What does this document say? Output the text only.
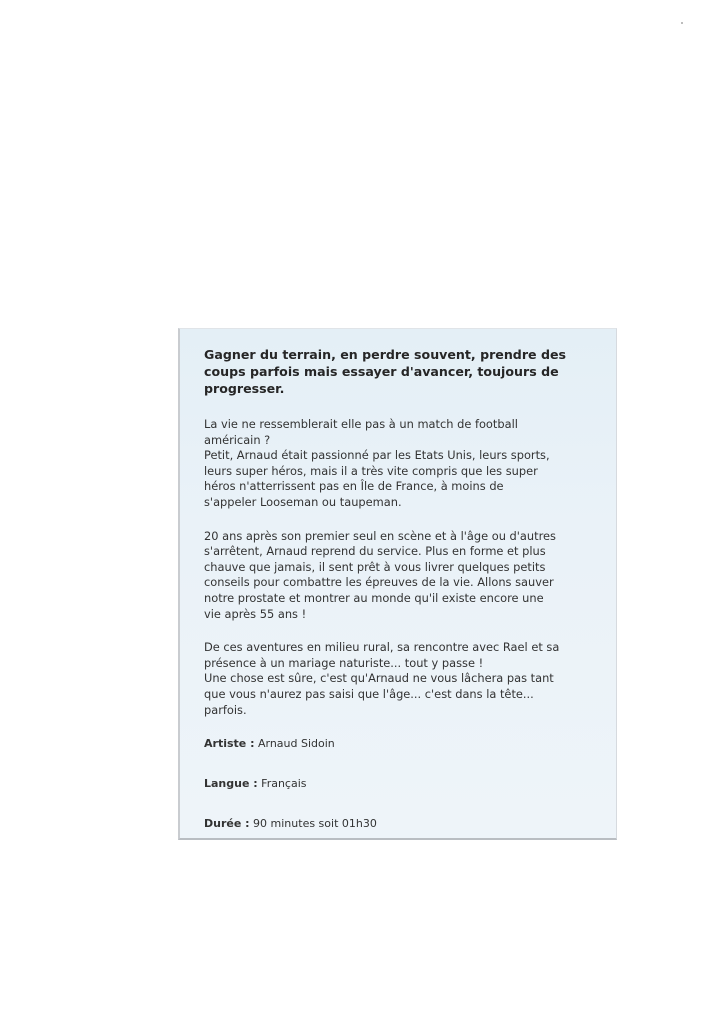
Gagner du terrain, en perdre souvent, prendre des coups parfois mais essayer d'avancer, toujours de progresser.

La vie ne ressemblerait elle pas à un match de football
américain ?
Petit, Arnaud était passionné par les Etats Unis, leurs sports,
leurs super héros, mais il a très vite compris que les super
héros n'atterrissent pas en Île de France, à moins de
s'appeler Looseman ou taupeman.

20 ans après son premier seul en scène et à l'âge ou d'autres
s'arrêtent, Arnaud reprend du service. Plus en forme et plus
chauve que jamais, il sent prêt à vous livrer quelques petits
conseils pour combattre les épreuves de la vie. Allons sauver
notre prostate et montrer au monde qu'il existe encore une
vie après 55 ans !

De ces aventures en milieu rural, sa rencontre avec Rael et sa
présence à un mariage naturiste... tout y passe !
Une chose est sûre, c'est qu'Arnaud ne vous lâchera pas tant
que vous n'aurez pas saisi que l'âge... c'est dans la tête...
parfois.

Artiste : Arnaud Sidoin
Langue : Français
Durée : 90 minutes soit 01h30
